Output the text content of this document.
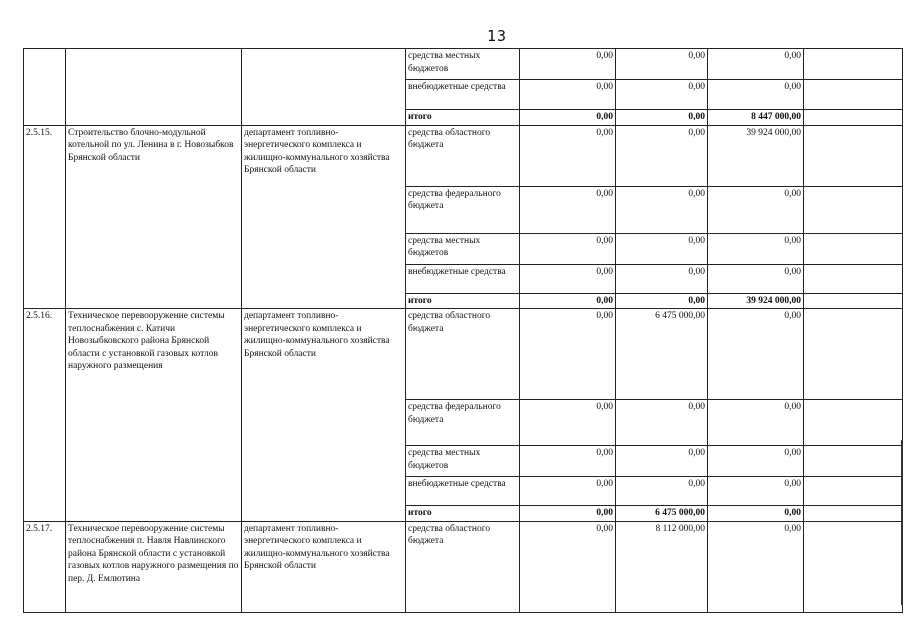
13
			средства местных бюджетов	0,00	0,00	0,00	
			внебюджетные средства	0,00	0,00	0,00	
			итого	0,00	0,00	8 447 000,00	
2.5.15.	Строительство блочно-модульной котельной по ул. Ленина в г. Новозыбков Брянской области	департамент топливно-энергетического комплекса и жилищно-коммунального хозяйства Брянской области	средства областного бюджета	0,00	0,00	39 924 000,00	
			средства федерального бюджета	0,00	0,00	0,00	
			средства местных бюджетов	0,00	0,00	0,00	
			внебюджетные средства	0,00	0,00	0,00	
			итого	0,00	0,00	39 924 000,00	
2.5.16.	Техническое перевооружение системы теплоснабжения с. Катичи Новозыбковского района Брянской области с установкой газовых котлов наружного размещения	департамент топливно-энергетического комплекса и жилищно-коммунального хозяйства Брянской области	средства областного бюджета	0,00	6 475 000,00	0,00	
			средства федерального бюджета	0,00	0,00	0,00	
			средства местных бюджетов	0,00	0,00	0,00	
			внебюджетные средства	0,00	0,00	0,00	
			итого	0,00	6 475 000,00	0,00	
2.5.17.	Техническое перевооружение системы теплоснабжения п. Навля Навлинского района Брянской области с установкой газовых котлов наружного размещения по пер. Д. Емлютина	департамент топливно-энергетического комплекса и жилищно-коммунального хозяйства Брянской области	средства областного бюджета	0,00	8 112 000,00	0,00	
